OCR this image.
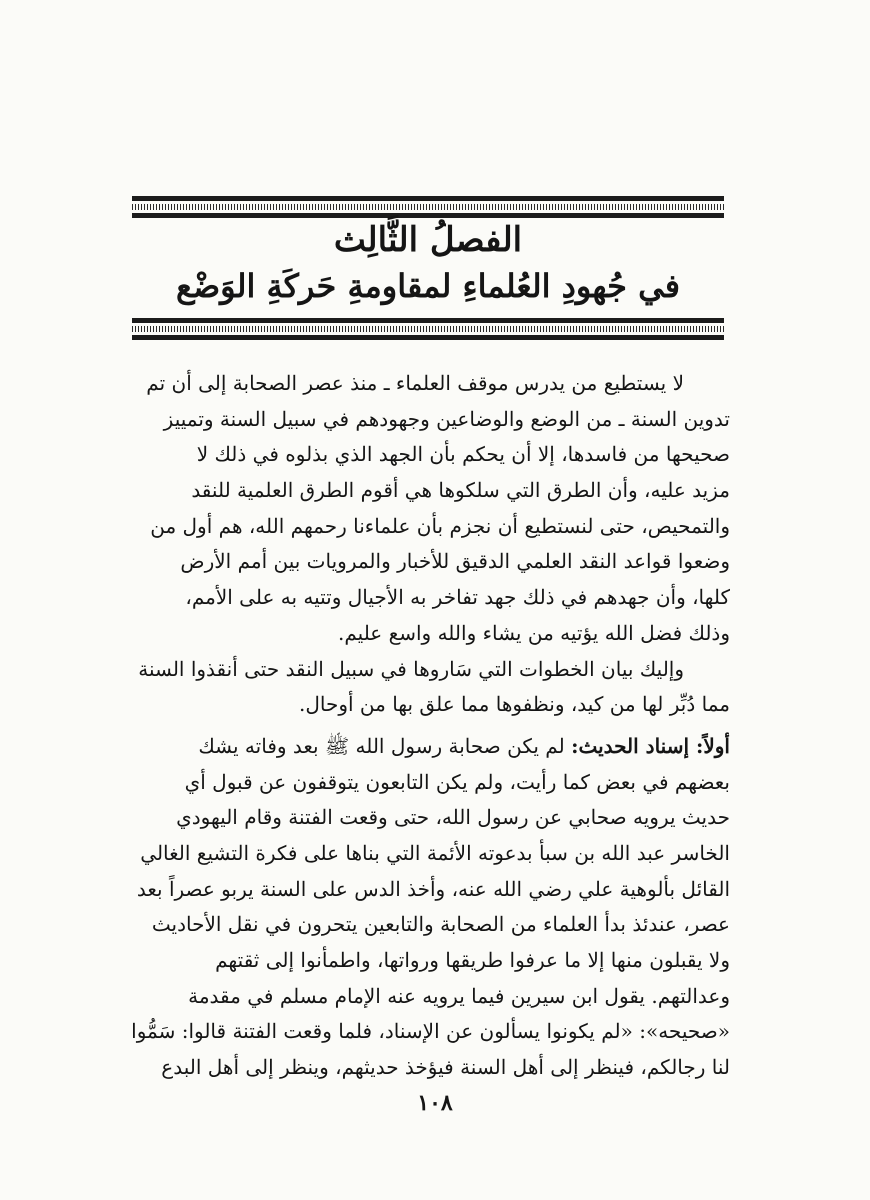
الفصلُ الثَّالِث
في جُهودِ العُلماءِ لمقاومةِ حَركَةِ الوَضْع
لا يستطيع من يدرس موقف العلماء ـ منذ عصر الصحابة إلى أن تم
تدوين السنة ـ من الوضع والوضاعين وجهودهم في سبيل السنة وتمييز
صحيحها من فاسدها، إلا أن يحكم بأن الجهد الذي بذلوه في ذلك لا
مزيد عليه، وأن الطرق التي سلكوها هي أقوم الطرق العلمية للنقد
والتمحيص، حتى لنستطيع أن نجزم بأن علماءنا رحمهم الله، هم أول من
وضعوا قواعد النقد العلمي الدقيق للأخبار والمرويات بين أمم الأرض
كلها، وأن جهدهم في ذلك جهد تفاخر به الأجيال وتتيه به على الأمم،
وذلك فضل الله يؤتيه من يشاء والله واسع عليم.
وإليك بيان الخطوات التي سَاروها في سبيل النقد حتى أنقذوا السنة
مما دُبِّر لها من كيد، ونظفوها مما علق بها من أوحال.
أولاً: إسناد الحديث: لم يكن صحابة رسول الله ﷺ بعد وفاته يشك
بعضهم في بعض كما رأيت، ولم يكن التابعون يتوقفون عن قبول أي
حديث يرويه صحابي عن رسول الله، حتى وقعت الفتنة وقام اليهودي
الخاسر عبد الله بن سبأ بدعوته الأئمة التي بناها على فكرة التشيع الغالي
القائل بألوهية علي رضي الله عنه، وأخذ الدس على السنة يربو عصراً بعد
عصر، عندئذ بدأ العلماء من الصحابة والتابعين يتحرون في نقل الأحاديث
ولا يقبلون منها إلا ما عرفوا طريقها ورواتها، واطمأنوا إلى ثقتهم
وعدالتهم. يقول ابن سيرين فيما يرويه عنه الإمام مسلم في مقدمة
«صحيحه»: «لم يكونوا يسألون عن الإسناد، فلما وقعت الفتنة قالوا: سَمُّوا
لنا رجالكم، فينظر إلى أهل السنة فيؤخذ حديثهم، وينظر إلى أهل البدع
١٠٨
